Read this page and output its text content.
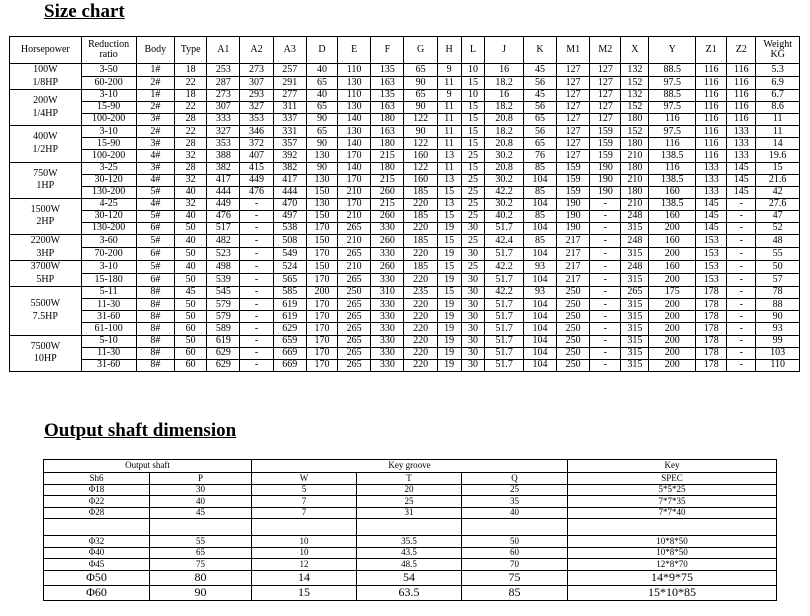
Size chart
Horsepower	Reduction ratio	Body	Type	A1	A2	A3	D	E	F	G	H	L	J	K	M1	M2	X	Y	Z1	Z2	Weight KG

100W
1/8HP	3-50	1#	18	253	273	257	40	110	135	65	9	10	16	45	127	127	132	88.5	116	116	5.3
	60-200	2#	22	287	307	291	65	130	163	90	11	15	18.2	56	127	127	152	97.5	116	116	6.9

200W
1/4HP	3-10	1#	18	273	293	277	40	110	135	65	9	10	16	45	127	127	132	88.5	116	116	6.7
	15-90	2#	22	307	327	311	65	130	163	90	11	15	18.2	56	127	127	152	97.5	116	116	8.6
	100-200	3#	28	333	353	337	90	140	180	122	11	15	20.8	65	127	127	180	116	116	116	11

400W
1/2HP	3-10	2#	22	327	346	331	65	130	163	90	11	15	18.2	56	127	159	152	97.5	116	133	11
	15-90	3#	28	353	372	357	90	140	180	122	11	15	20.8	65	127	159	180	116	116	133	14
	100-200	4#	32	388	407	392	130	170	215	160	13	25	30.2	76	127	159	210	138.5	116	133	19.6

750W
1HP	3-25	3#	28	382	415	382	90	140	180	122	11	15	20.8	85	159	190	180	116	133	145	15
	30-120	4#	32	417	449	417	130	170	215	160	13	25	30.2	104	159	190	210	138.5	133	145	21.6
	130-200	5#	40	444	476	444	150	210	260	185	15	25	42.2	85	159	190	180	160	133	145	42

1500W
2HP	4-25	4#	32	449	-	470	130	170	215	220	13	25	30.2	104	190	-	210	138.5	145	-	27.6
	30-120	5#	40	476	-	497	150	210	260	185	15	25	40.2	85	190	-	248	160	145	-	47
	130-200	6#	50	517	-	538	170	265	330	220	19	30	51.7	104	190	-	315	200	145	-	52

2200W
3HP	3-60	5#	40	482	-	508	150	210	260	185	15	25	42.4	85	217	-	248	160	153	-	48
	70-200	6#	50	523	-	549	170	265	330	220	19	30	51.7	104	217	-	315	200	153	-	55

3700W
5HP	3-10	5#	40	498	-	524	150	210	260	185	15	25	42.2	93	217	-	248	160	153	-	50
	15-180	6#	50	539	-	565	170	265	330	220	19	30	51.7	104	217	-	315	200	153	-	57

5500W
7.5HP	5-11	8#	45	545	-	585	200	250	310	235	15	30	42.2	93	250	-	265	175	178	-	78
	11-30	8#	50	579	-	619	170	265	330	220	19	30	51.7	104	250	-	315	200	178	-	88
	31-60	8#	50	579	-	619	170	265	330	220	19	30	51.7	104	250	-	315	200	178	-	90
	61-100	8#	60	589	-	629	170	265	330	220	19	30	51.7	104	250	-	315	200	178	-	93

7500W
10HP	5-10	8#	50	619	-	659	170	265	330	220	19	30	51.7	104	250	-	315	200	178	-	99
	11-30	8#	60	629	-	669	170	265	330	220	19	30	51.7	104	250	-	315	200	178	-	103
	31-60	8#	60	629	-	669	170	265	330	220	19	30	51.7	104	250	-	315	200	178	-	110
Output shaft dimension
Output shaft		Key groove			Key
Sh6	P	W	T	Q	SPEC
Φ18	30	5	20	25	5*5*25
Φ22	40	7	25	35	7*7*35
Φ28	45	7	31	40	7*7*40

Φ32	55	10	35.5	50	10*8*50
Φ40	65	10	43.5	60	10*8*50
Φ45	75	12	48.5	70	12*8*70
Φ50	80	14	54	75	14*9*75
Φ60	90	15	63.5	85	15*10*85
